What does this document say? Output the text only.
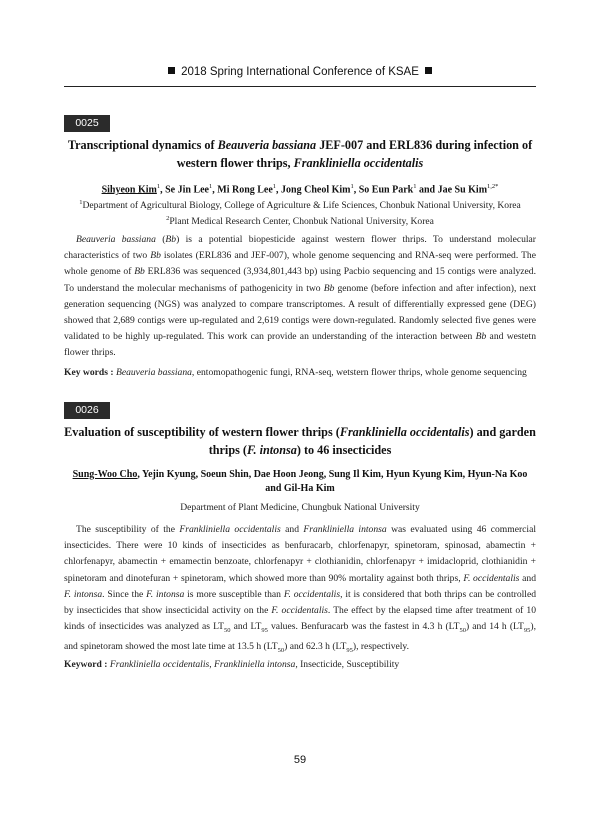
2018 Spring International Conference of KSAE
0025
Transcriptional dynamics of Beauveria bassiana JEF-007 and ERL836 during infection of western flower thrips, Frankliniella occidentalis
Sihyeon Kim$^1$, Se Jin Lee$^1$, Mi Rong Lee$^1$, Jong Cheol Kim$^1$, So Eun Park$^1$ and Jae Su Kim$^{1,2*}$
$^1$Department of Agricultural Biology, College of Agriculture & Life Sciences, Chonbuk National University, Korea
$^2$Plant Medical Research Center, Chonbuk National University, Korea
Beauveria bassiana (Bb) is a potential biopesticide against western flower thrips. To understand molecular characteristics of two Bb isolates (ERL836 and JEF-007), whole genome sequencing and RNA-seq were performed. The whole genome of Bb ERL836 was sequenced (3,934,801,443 bp) using Pacbio sequencing and 15 contigs were analyzed. To understand the molecular mechanisms of pathogenicity in two Bb genome (before infection and after infection), next generation sequencing (NGS) was analyzed to compare transcriptomes. A result of differentially expressed gene (DEG) showed that 2,689 contigs were up-regulated and 2,619 contigs were down-regulated. Randomly selected five genes were validated to be highly up-regulated. This work can provide an understanding of the interaction between Bb and westetn flower thrips.
Key words : Beauveria bassiana, entomopathogenic fungi, RNA-seq, wetstern flower thrips, whole genome sequencing
0026
Evaluation of susceptibility of western flower thrips (Frankliniella occidentalis) and garden thrips (F. intonsa) to 46 insecticides
Sung-Woo Cho, Yejin Kyung, Soeun Shin, Dae Hoon Jeong, Sung Il Kim, Hyun Kyung Kim, Hyun-Na Koo and Gil-Ha Kim
Department of Plant Medicine, Chungbuk National University
The susceptibility of the Frankliniella occidentalis and Frankliniella intonsa was evaluated using 46 commercial insecticides. There were 10 kinds of insecticides as benfuracarb, chlorfenapyr, spinetoram, spinosad, abamectin + chlorfenapyr, abamectin + emamectin benzoate, chlorfenapyr + clothianidin, chlorfenapyr + imidacloprid, clothianidin + spinetoram and dinotefuran + spinetoram, which showed more than 90% mortality against both thrips, F. occidentalis and F. intonsa. Since the F. intonsa is more susceptible than F. occidentalis, it is considered that both thrips can be controlled by insecticides that show insecticidal activity on the F. occidentalis. The effect by the elapsed time after treatment of 10 kinds of insecticides was analyzed as $LT_{50}$ and $LT_{95}$ values. Benfuracarb was the fastest in 4.3 h $(LT_{50})$ and 14 h $(LT_{95})$, and spinetoram showed the most late time at 13.5 h $(LT_{50})$ and 62.3 h $(LT_{95})$, respectively.
Keyword : Frankliniella occidentalis, Frankliniella intonsa, Insecticide, Susceptibility
59
